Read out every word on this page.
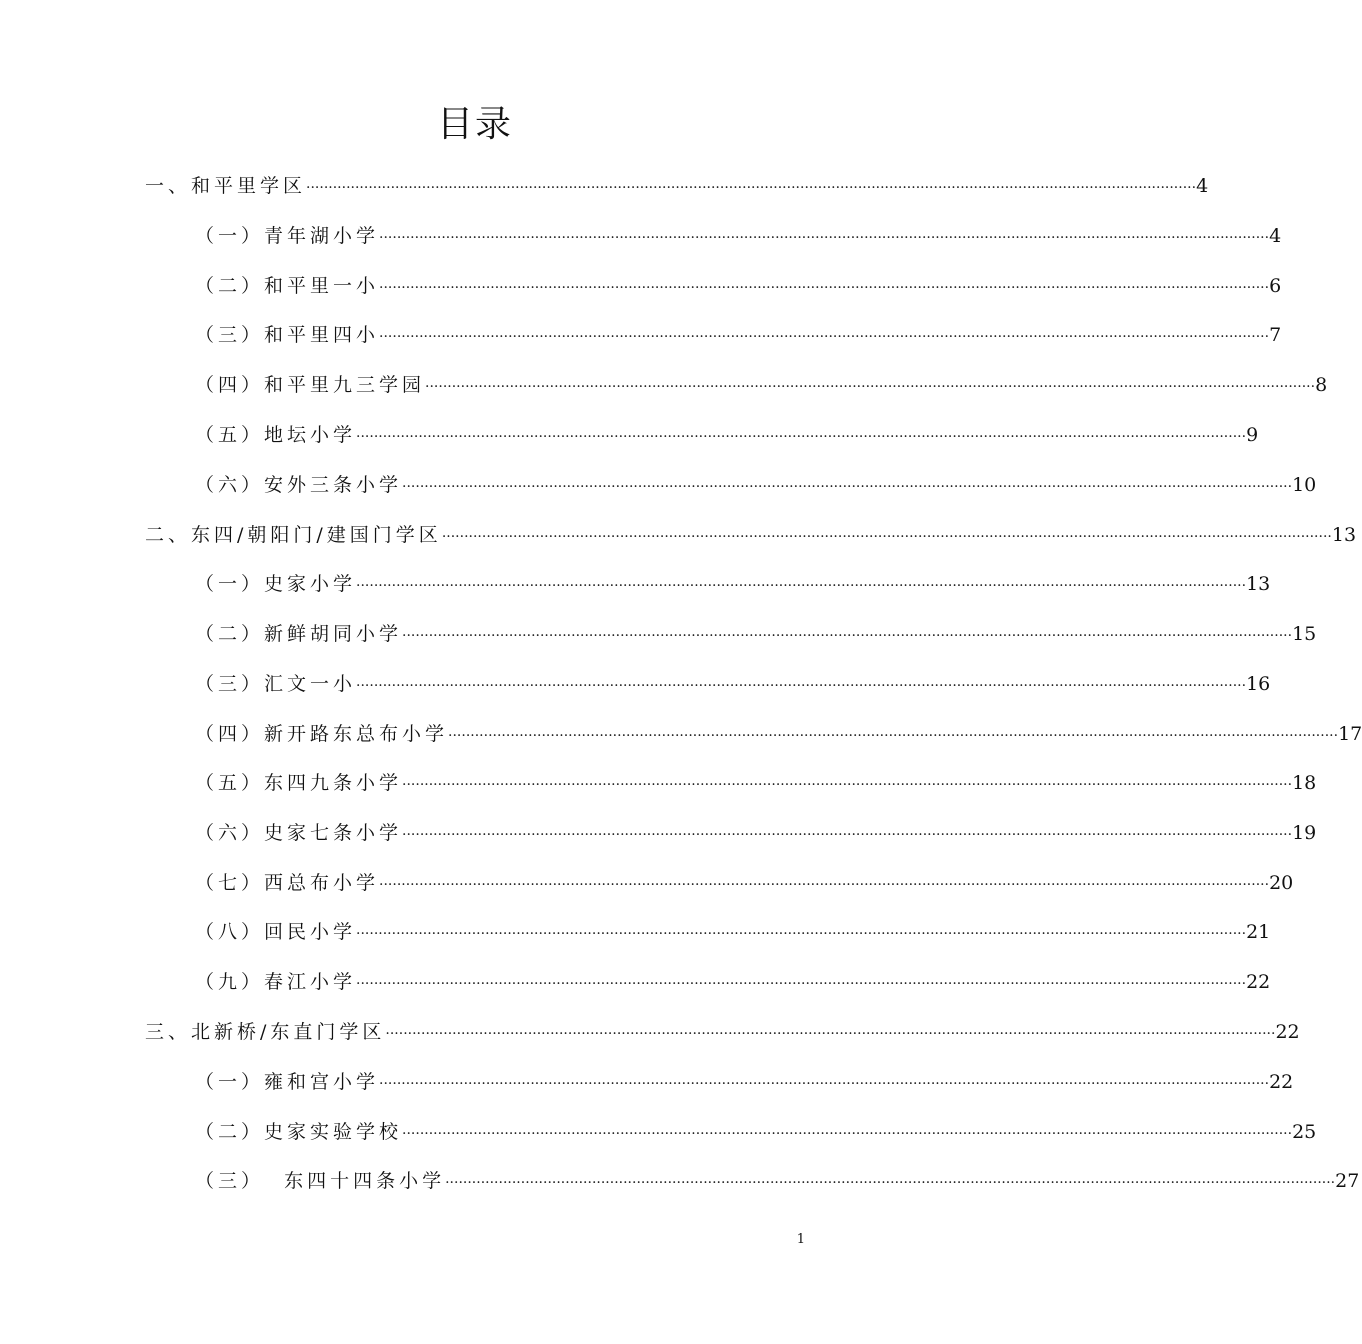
目录
一、和平里学区 ········································································································································································································ 4
（一）青年湖小学 ········································································································································································································ 4
（二）和平里一小 ········································································································································································································ 6
（三）和平里四小 ········································································································································································································ 7
（四）和平里九三学园 ········································································································································································································ 8
（五）地坛小学 ········································································································································································································ 9
（六）安外三条小学 ········································································································································································································ 10
二、东四/朝阳门/建国门学区 ········································································································································································································ 13
（一）史家小学 ········································································································································································································ 13
（二）新鲜胡同小学 ········································································································································································································ 15
（三）汇文一小 ········································································································································································································ 16
（四）新开路东总布小学 ········································································································································································································ 17
（五）东四九条小学 ········································································································································································································ 18
（六）史家七条小学 ········································································································································································································ 19
（七）西总布小学 ········································································································································································································ 20
（八）回民小学 ········································································································································································································ 21
（九）春江小学 ········································································································································································································ 22
三、北新桥/东直门学区 ········································································································································································································ 22
（一）雍和宫小学 ········································································································································································································ 22
（二）史家实验学校 ········································································································································································································ 25
（三）  东四十四条小学 ········································································································································································································ 27
1
